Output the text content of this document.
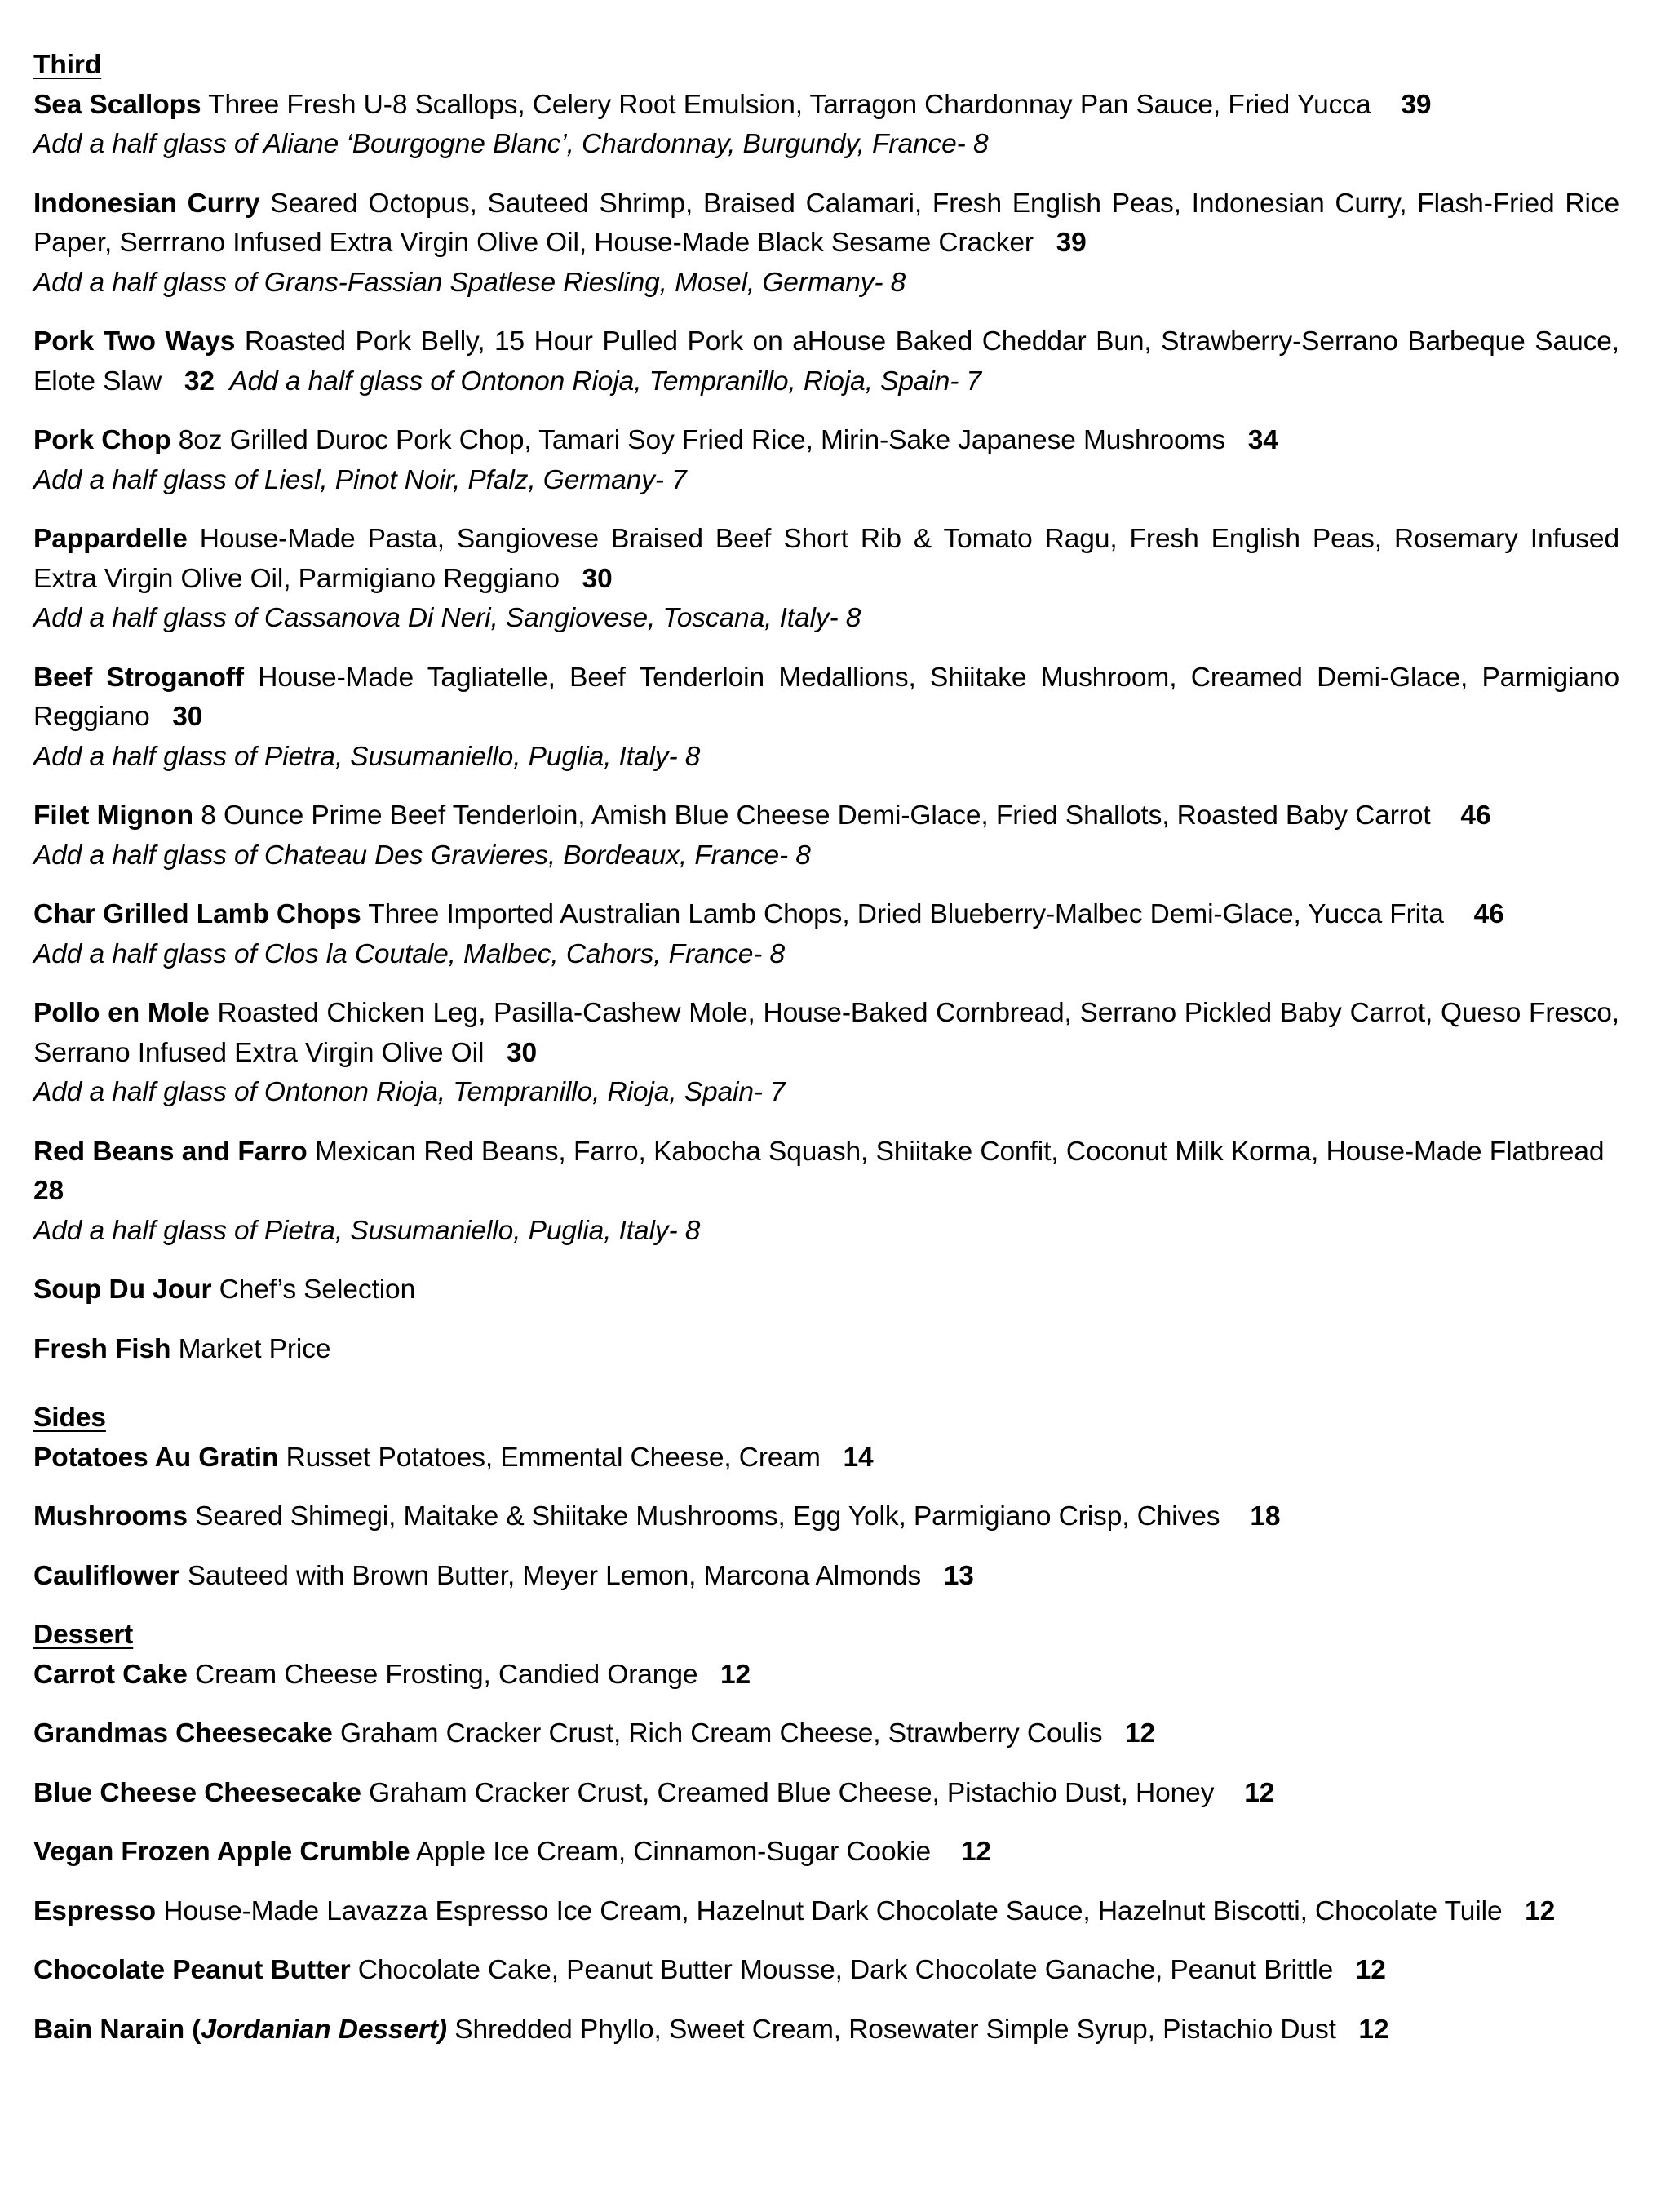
Third
Sea Scallops Three Fresh U-8 Scallops, Celery Root Emulsion, Tarragon Chardonnay Pan Sauce, Fried Yucca 39
Add a half glass of Aliane ‘Bourgogne Blanc’, Chardonnay, Burgundy, France- 8
Indonesian Curry Seared Octopus, Sauteed Shrimp, Braised Calamari, Fresh English Peas, Indonesian Curry, Flash-Fried Rice Paper, Serrrano Infused Extra Virgin Olive Oil, House-Made Black Sesame Cracker 39
Add a half glass of Grans-Fassian Spatlese Riesling, Mosel, Germany- 8
Pork Two Ways Roasted Pork Belly, 15 Hour Pulled Pork on aHouse Baked Cheddar Bun, Strawberry-Serrano Barbeque Sauce, Elote Slaw 32 Add a half glass of Ontonon Rioja, Tempranillo, Rioja, Spain- 7
Pork Chop 8oz Grilled Duroc Pork Chop, Tamari Soy Fried Rice, Mirin-Sake Japanese Mushrooms 34
Add a half glass of Liesl, Pinot Noir, Pfalz, Germany- 7
Pappardelle House-Made Pasta, Sangiovese Braised Beef Short Rib & Tomato Ragu, Fresh English Peas, Rosemary Infused Extra Virgin Olive Oil, Parmigiano Reggiano 30
Add a half glass of Cassanova Di Neri, Sangiovese, Toscana, Italy- 8
Beef Stroganoff House-Made Tagliatelle, Beef Tenderloin Medallions, Shiitake Mushroom, Creamed Demi-Glace, Parmigiano Reggiano 30
Add a half glass of Pietra, Susumaniello, Puglia, Italy- 8
Filet Mignon 8 Ounce Prime Beef Tenderloin, Amish Blue Cheese Demi-Glace, Fried Shallots, Roasted Baby Carrot 46
Add a half glass of Chateau Des Gravieres, Bordeaux, France- 8
Char Grilled Lamb Chops Three Imported Australian Lamb Chops, Dried Blueberry-Malbec Demi-Glace, Yucca Frita 46
Add a half glass of Clos la Coutale, Malbec, Cahors, France- 8
Pollo en Mole Roasted Chicken Leg, Pasilla-Cashew Mole, House-Baked Cornbread, Serrano Pickled Baby Carrot, Queso Fresco, Serrano Infused Extra Virgin Olive Oil 30
Add a half glass of Ontonon Rioja, Tempranillo, Rioja, Spain- 7
Red Beans and Farro Mexican Red Beans, Farro, Kabocha Squash, Shiitake Confit, Coconut Milk Korma, House-Made Flatbread   28
Add a half glass of Pietra, Susumaniello, Puglia, Italy- 8
Soup Du Jour Chef’s Selection
Fresh Fish Market Price
Sides
Potatoes Au Gratin Russet Potatoes, Emmental Cheese, Cream 14
Mushrooms Seared Shimegi, Maitake & Shiitake Mushrooms, Egg Yolk, Parmigiano Crisp, Chives 18
Cauliflower Sauteed with Brown Butter, Meyer Lemon, Marcona Almonds 13
Dessert
Carrot Cake Cream Cheese Frosting, Candied Orange 12
Grandmas Cheesecake Graham Cracker Crust, Rich Cream Cheese, Strawberry Coulis 12
Blue Cheese Cheesecake Graham Cracker Crust, Creamed Blue Cheese, Pistachio Dust, Honey 12
Vegan Frozen Apple Crumble Apple Ice Cream, Cinnamon-Sugar Cookie 12
Espresso House-Made Lavazza Espresso Ice Cream, Hazelnut Dark Chocolate Sauce, Hazelnut Biscotti, Chocolate Tuile 12
Chocolate Peanut Butter Chocolate Cake, Peanut Butter Mousse, Dark Chocolate Ganache, Peanut Brittle 12
Bain Narain (Jordanian Dessert) Shredded Phyllo, Sweet Cream, Rosewater Simple Syrup, Pistachio Dust 12
